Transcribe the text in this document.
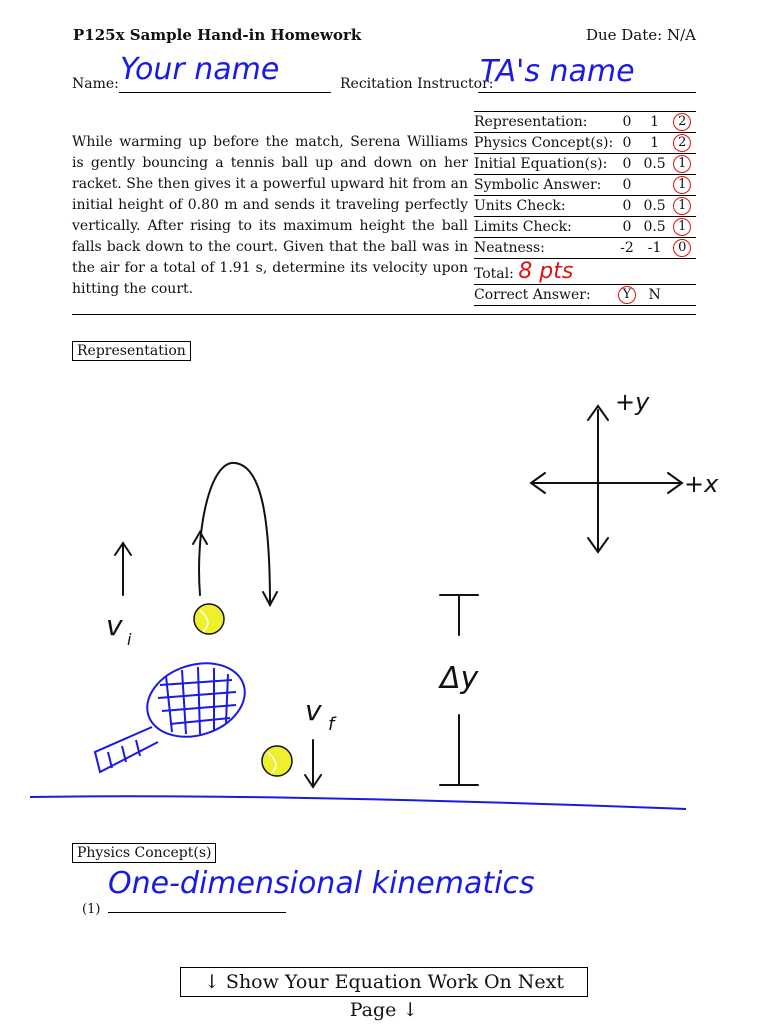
P125x Sample Hand-in Homework	Due Date: N/A
Name: Your name	Recitation Instructor:
TA's name
While warming up before the match, Serena Williams is gently bouncing a tennis ball up and down on her racket. She then gives it a powerful upward hit from an initial height of 0.80 m and sends it traveling perfectly vertically. After rising to its maximum height the ball falls back down to the court. Given that the ball was in the air for a total of 1.91 s, determine its velocity upon hitting the court.
Representation:	0	1	2
Physics Concept(s):	0	1	2
Initial Equation(s):	0	0.5	1
Symbolic Answer:	0		1
Units Check:	0	0.5	1
Limits Check:	0	0.5	1
Neatness:	-2	-1	0
Total: 8 pts			
Correct Answer:	Y	N	
Representation
v i
v f
Δy
+y
+x
Physics Concept(s)
(1)
One-dimensional kinematics
↓ Show Your Equation Work On Next Page ↓
